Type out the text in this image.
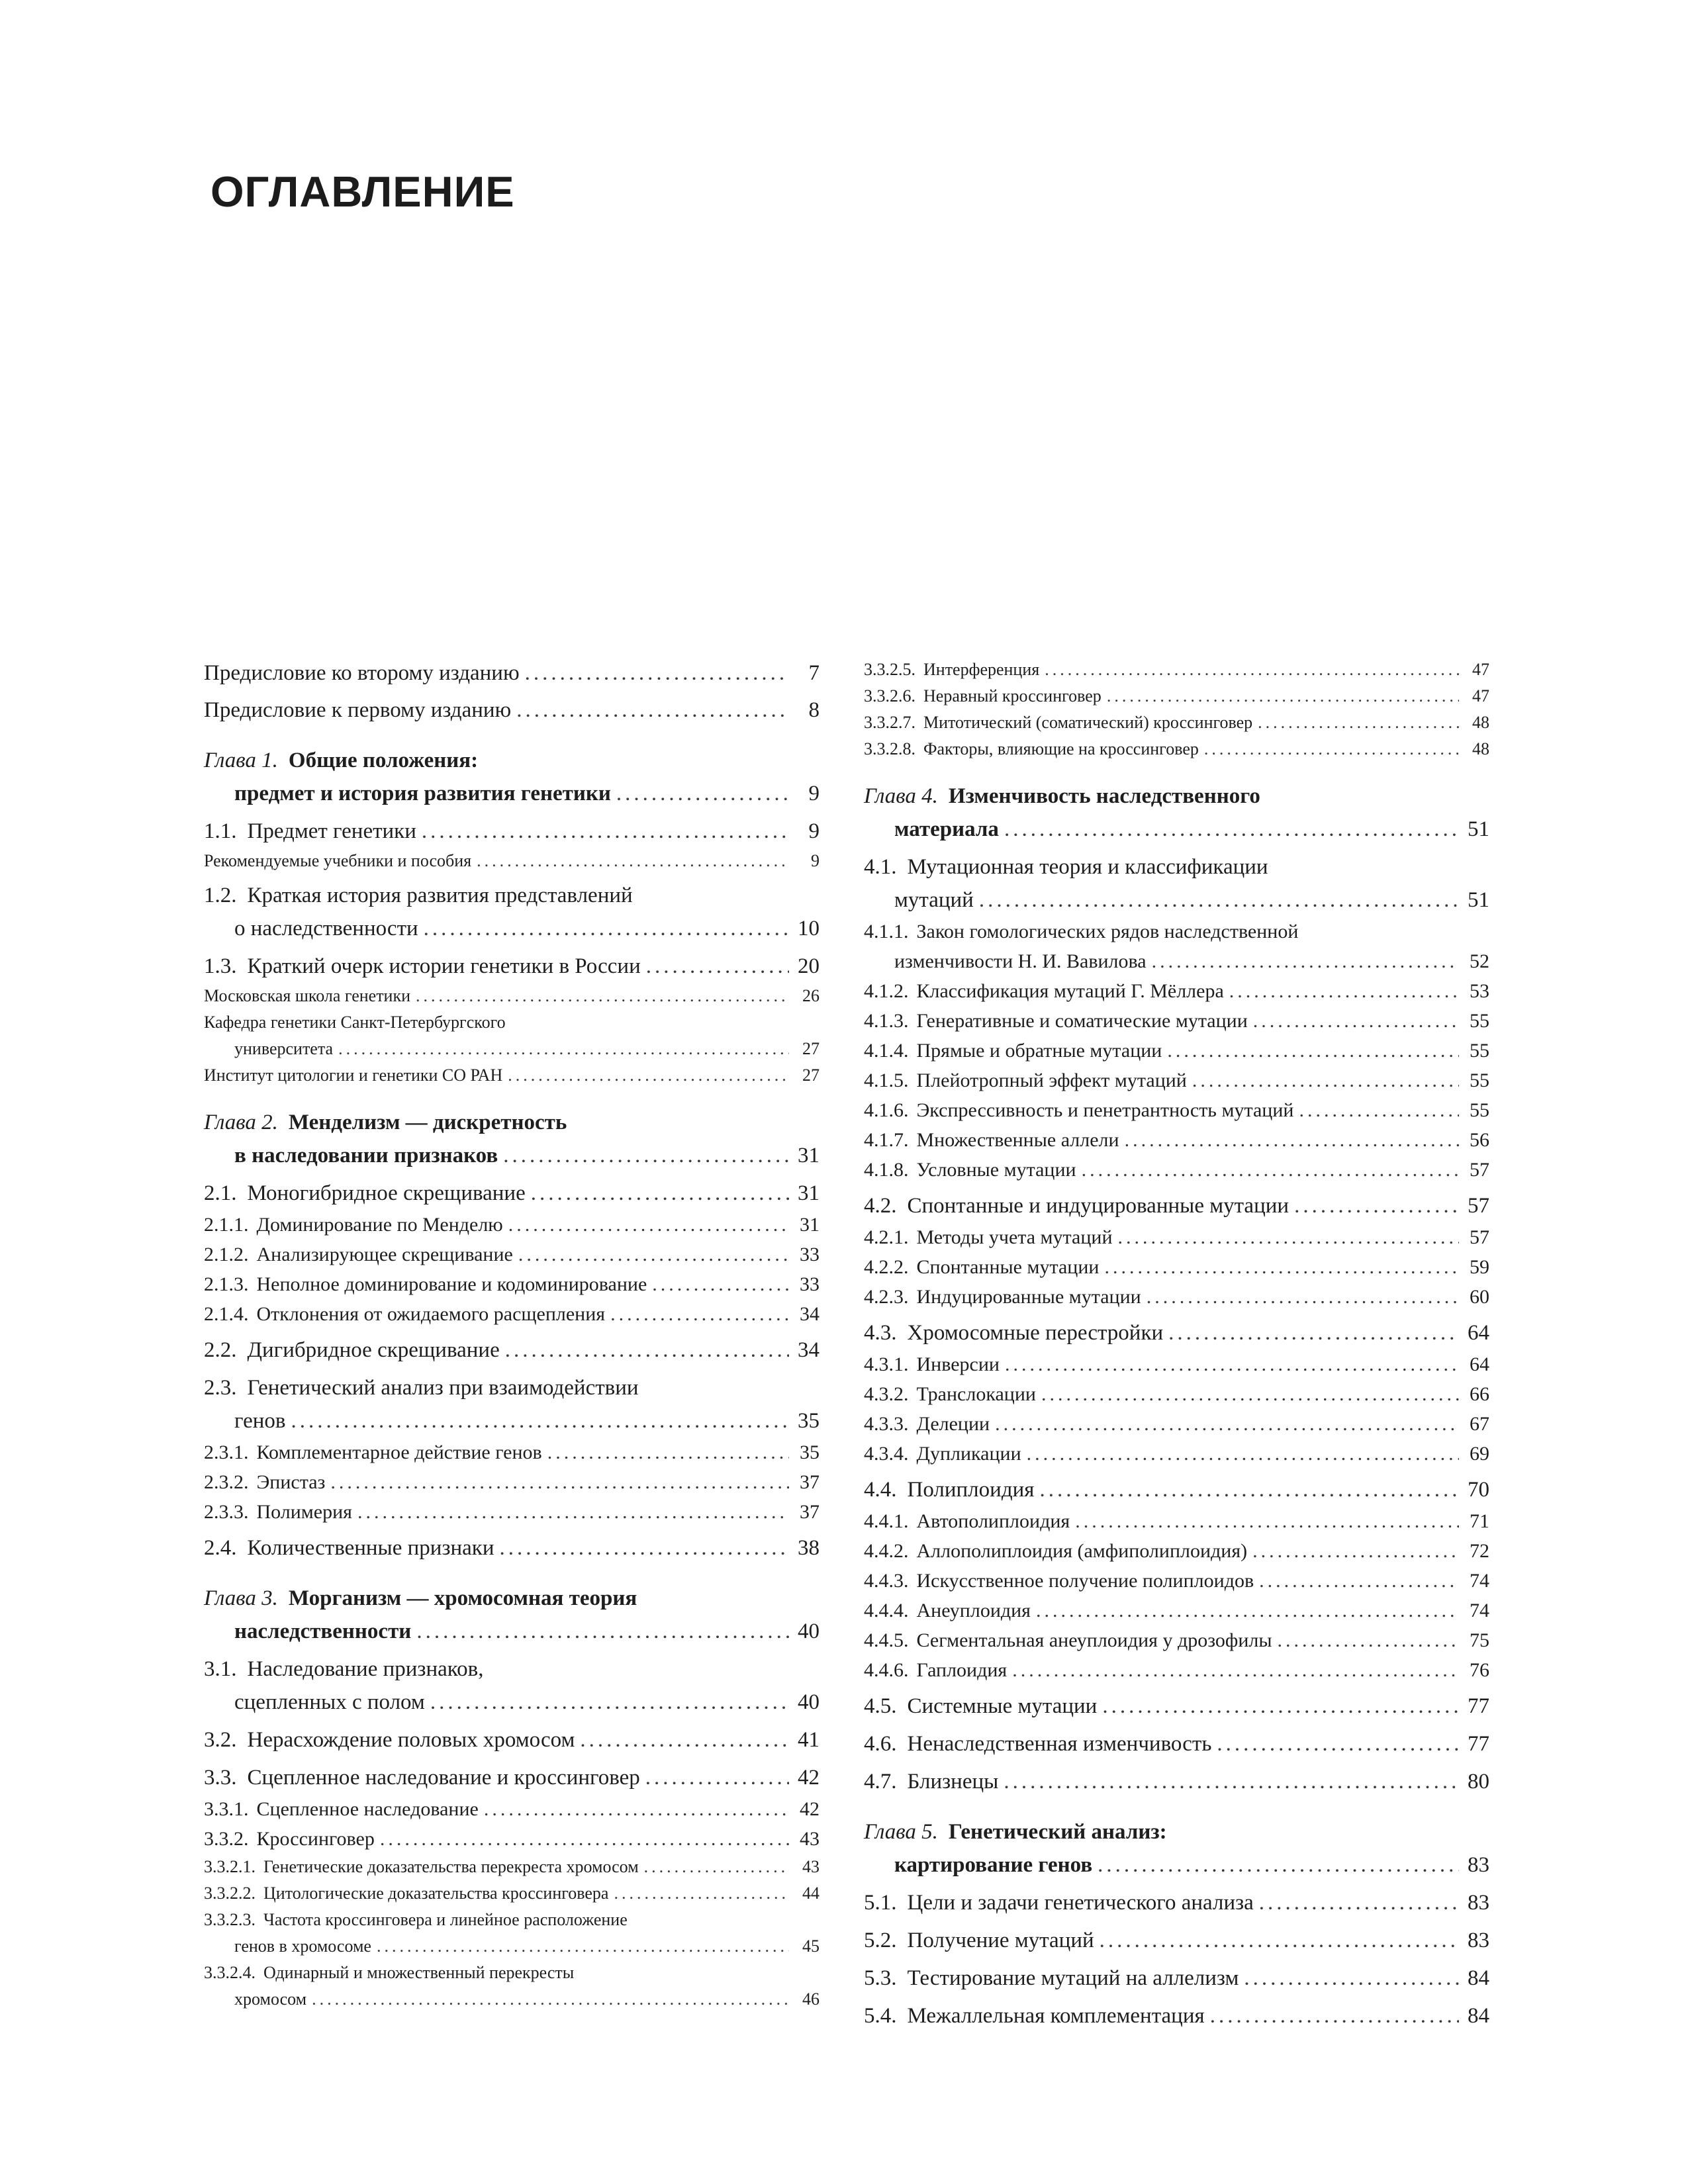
ОГЛАВЛЕНИЕ
Предисловие ко второму изданию .....	7
Предисловие к первому изданию .....	8
Глава 1. Общие положения:
предмет и история развития генетики .....	9
1.1. Предмет генетики .....	9
Рекомендуемые учебники и пособия .....	9
1.2. Краткая история развития представлений
о наследственности .....	10
1.3. Краткий очерк истории генетики в России .....	20
Московская школа генетики .....	26
Кафедра генетики Санкт-Петербургского
университета .....	27
Институт цитологии и генетики СО РАН .....	27
Глава 2. Менделизм — дискретность
в наследовании признаков .....	31
2.1. Моногибридное скрещивание .....	31
2.1.1. Доминирование по Менделю .....	31
2.1.2. Анализирующее скрещивание .....	33
2.1.3. Неполное доминирование и кодоминирование .....	33
2.1.4. Отклонения от ожидаемого расщепления .....	34
2.2. Дигибридное скрещивание .....	34
2.3. Генетический анализ при взаимодействии
генов .....	35
2.3.1. Комплементарное действие генов .....	35
2.3.2. Эпистаз .....	37
2.3.3. Полимерия .....	37
2.4. Количественные признаки .....	38
Глава 3. Морганизм — хромосомная теория
наследственности .....	40
3.1. Наследование признаков,
сцепленных с полом .....	40
3.2. Нерасхождение половых хромосом .....	41
3.3. Сцепленное наследование и кроссинговер .....	42
3.3.1. Сцепленное наследование .....	42
3.3.2. Кроссинговер .....	43
3.3.2.1. Генетические доказательства перекреста хромосом .....	43
3.3.2.2. Цитологические доказательства кроссинговера .....	44
3.3.2.3. Частота кроссинговера и линейное расположение
генов в хромосоме .....	45
3.3.2.4. Одинарный и множественный перекресты
хромосом .....	46
3.3.2.5. Интерференция .....	47
3.3.2.6. Неравный кроссинговер .....	47
3.3.2.7. Митотический (соматический) кроссинговер .....	48
3.3.2.8. Факторы, влияющие на кроссинговер .....	48
Глава 4. Изменчивость наследственного
материала .....	51
4.1. Мутационная теория и классификации
мутаций .....	51
4.1.1. Закон гомологических рядов наследственной
изменчивости Н. И. Вавилова .....	52
4.1.2. Классификация мутаций Г. Мёллера .....	53
4.1.3. Генеративные и соматические мутации .....	55
4.1.4. Прямые и обратные мутации .....	55
4.1.5. Плейотропный эффект мутаций .....	55
4.1.6. Экспрессивность и пенетрантность мутаций .....	55
4.1.7. Множественные аллели .....	56
4.1.8. Условные мутации .....	57
4.2. Спонтанные и индуцированные мутации .....	57
4.2.1. Методы учета мутаций .....	57
4.2.2. Спонтанные мутации .....	59
4.2.3. Индуцированные мутации .....	60
4.3. Хромосомные перестройки .....	64
4.3.1. Инверсии .....	64
4.3.2. Транслокации .....	66
4.3.3. Делеции .....	67
4.3.4. Дупликации .....	69
4.4. Полиплоидия .....	70
4.4.1. Автополиплоидия .....	71
4.4.2. Аллополиплоидия (амфиполиплоидия) .....	72
4.4.3. Искусственное получение полиплоидов .....	74
4.4.4. Анеуплоидия .....	74
4.4.5. Сегментальная анеуплоидия у дрозофилы .....	75
4.4.6. Гаплоидия .....	76
4.5. Системные мутации .....	77
4.6. Ненаследственная изменчивость .....	77
4.7. Близнецы .....	80
Глава 5. Генетический анализ:
картирование генов .....	83
5.1. Цели и задачи генетического анализа .....	83
5.2. Получение мутаций .....	83
5.3. Тестирование мутаций на аллелизм .....	84
5.4. Межаллельная комплементация .....	84
